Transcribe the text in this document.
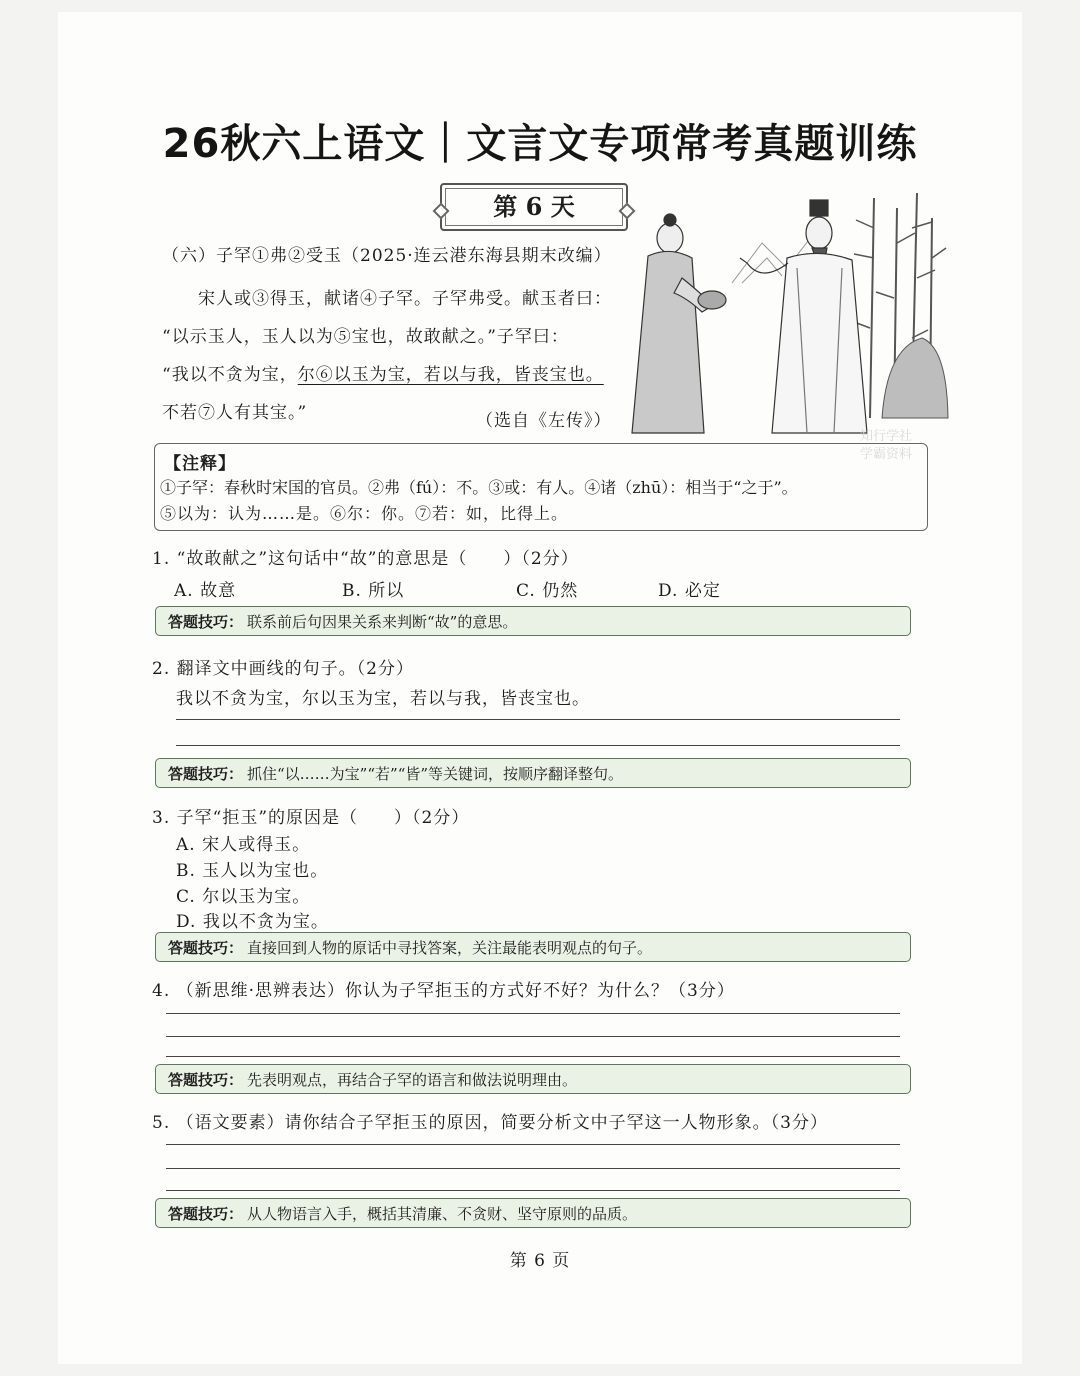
26秋六上语文｜文言文专项常考真题训练
第 6 天
（六）子罕①弗②受玉（2025·连云港东海县期末改编）
宋人或③得玉，献诸④子罕。子罕弗受。献玉者曰：
“以示玉人，玉人以为⑤宝也，故敢献之。”子罕曰：
“我以不贪为宝，尔⑥以玉为宝，若以与我，皆丧宝也。
不若⑦人有其宝。”	（选自《左传》）
【注释】
①子罕：春秋时宋国的官员。②弗（fú）：不。③或：有人。④诸（zhū）：相当于“之于”。
⑤以为：认为……是。⑥尔：你。⑦若：如，比得上。
1. “故敢献之”这句话中“故”的意思是（　　）（2分）
A. 故意	B. 所以	C. 仍然	D. 必定
答题技巧： 联系前后句因果关系来判断“故”的意思。
2. 翻译文中画线的句子。（2分）
我以不贪为宝，尔以玉为宝，若以与我，皆丧宝也。
答题技巧： 抓住“以……为宝”“若”“皆”等关键词，按顺序翻译整句。
3. 子罕“拒玉”的原因是（　　）（2分）
A. 宋人或得玉。
B. 玉人以为宝也。
C. 尔以玉为宝。
D. 我以不贪为宝。
答题技巧： 直接回到人物的原话中寻找答案，关注最能表明观点的句子。
4. （新思维·思辨表达）你认为子罕拒玉的方式好不好？为什么？（3分）
答题技巧： 先表明观点，再结合子罕的语言和做法说明理由。
5. （语文要素）请你结合子罕拒玉的原因，简要分析文中子罕这一人物形象。（3分）
答题技巧： 从人物语言入手，概括其清廉、不贪财、坚守原则的品质。
第 6 页
知行学社
学霸资料
